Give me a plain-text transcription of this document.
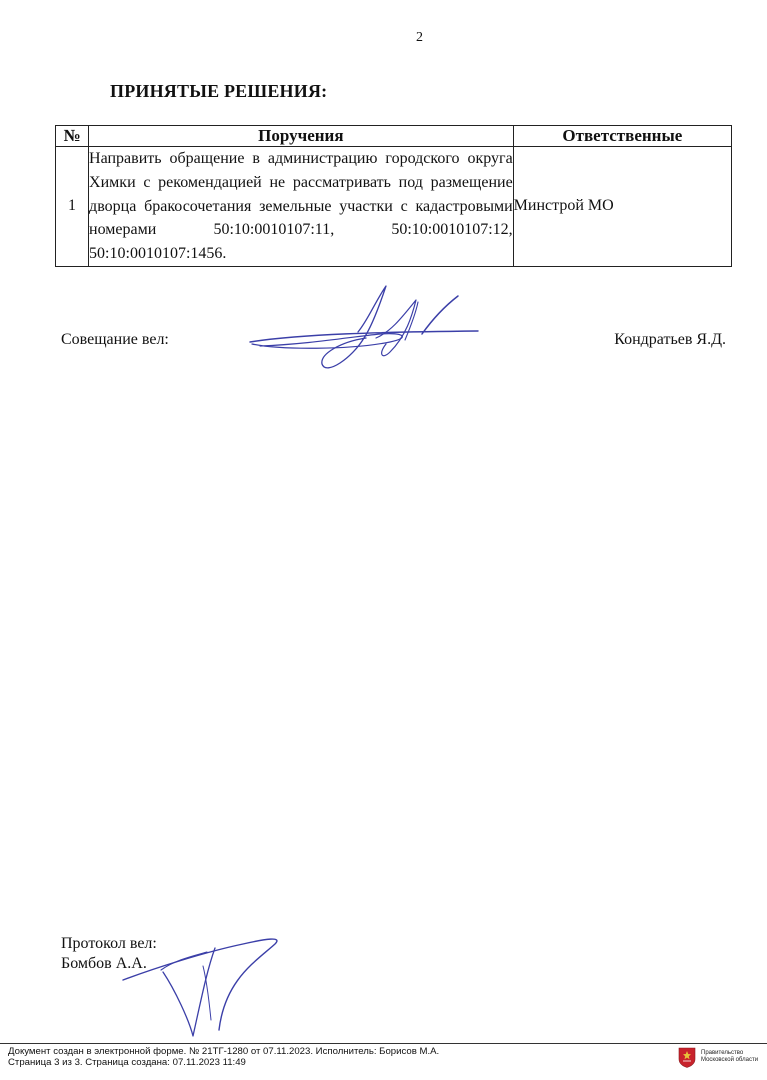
2
ПРИНЯТЫЕ РЕШЕНИЯ:
№	Поручения	Ответственные
1	Направить обращение в администрацию городского округа Химки с рекомендацией не рассматривать под размещение дворца бракосочетания земельные участки с кадастровыми номерами 50:10:0010107:11, 50:10:0010107:12, 50:10:0010107:1456.	Минстрой МО
Совещание вел:	Кондратьев Я.Д.
Протокол вел:
Бомбов А.А.
Документ создан в электронной форме. № 21ТГ-1280 от 07.11.2023. Исполнитель: Борисов М.А.
Страница 3 из 3. Страница создана: 07.11.2023 11:49
Правительство
Московской области
